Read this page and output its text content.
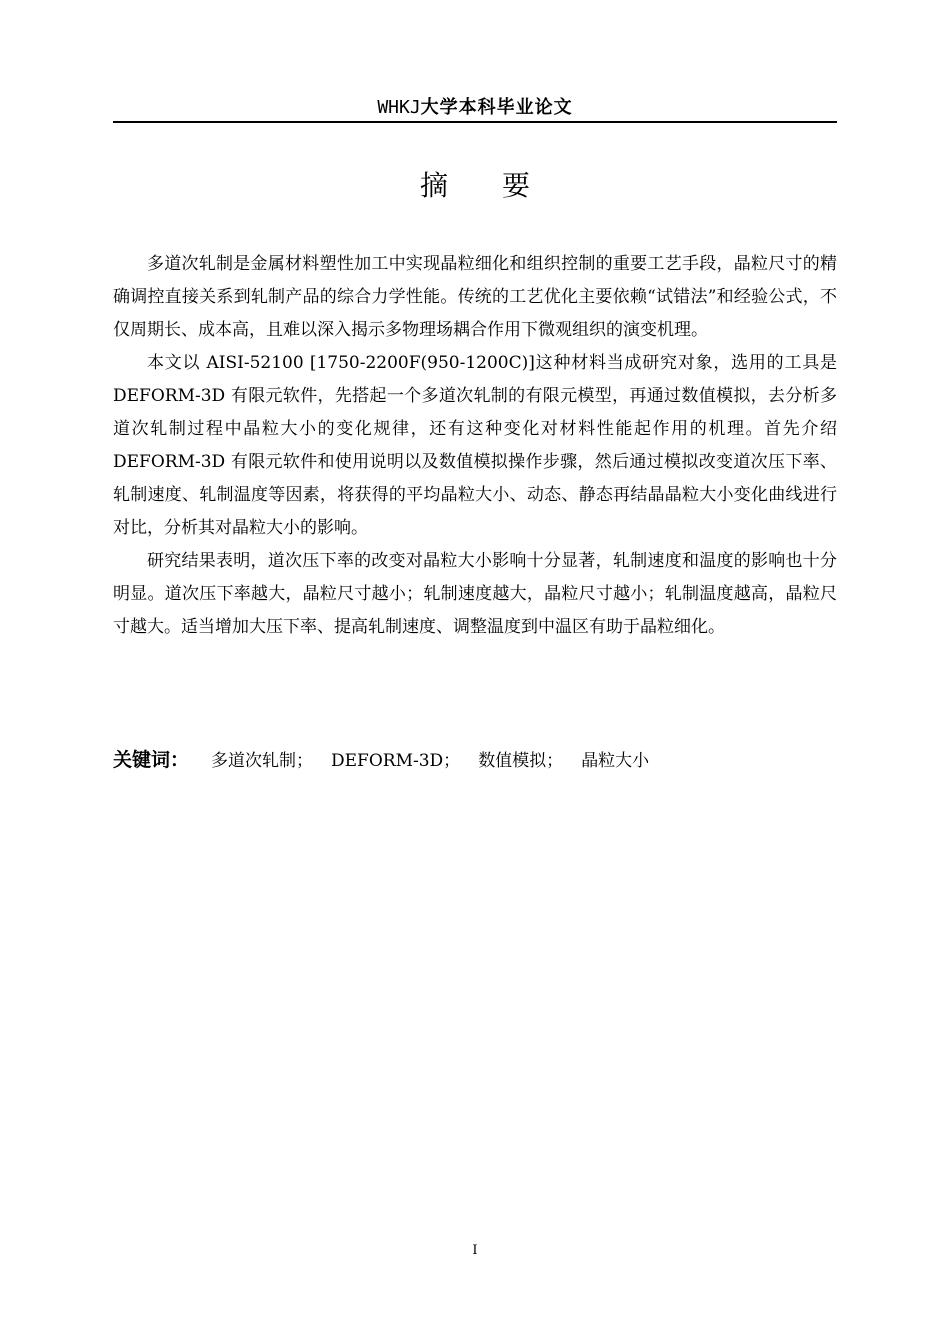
WHKJ大学本科毕业论文
摘 要

多道次轧制是金属材料塑性加工中实现晶粒细化和组织控制的重要工艺手段，晶粒尺寸的精确调控直接关系到轧制产品的综合力学性能。传统的工艺优化主要依赖“试错法”和经验公式，不仅周期长、成本高，且难以深入揭示多物理场耦合作用下微观组织的演变机理。

本文以 AISI-52100 [1750-2200F(950-1200C)]这种材料当成研究对象，选用的工具是 DEFORM-3D 有限元软件，先搭起一个多道次轧制的有限元模型，再通过数值模拟，去分析多道次轧制过程中晶粒大小的变化规律，还有这种变化对材料性能起作用的机理。首先介绍 DEFORM-3D 有限元软件和使用说明以及数值模拟操作步骤，然后通过模拟改变道次压下率、轧制速度、轧制温度等因素，将获得的平均晶粒大小、动态、静态再结晶晶粒大小变化曲线进行对比，分析其对晶粒大小的影响。

研究结果表明，道次压下率的改变对晶粒大小影响十分显著，轧制速度和温度的影响也十分明显。道次压下率越大，晶粒尺寸越小；轧制速度越大，晶粒尺寸越小；轧制温度越高，晶粒尺寸越大。适当增加大压下率、提高轧制速度、调整温度到中温区有助于晶粒细化。

关键词： 多道次轧制； DEFORM-3D； 数值模拟； 晶粒大小
I
